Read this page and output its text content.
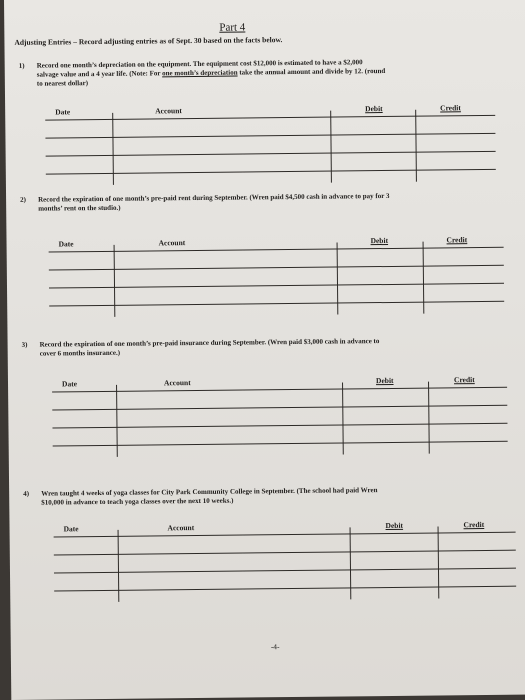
Part 4
Adjusting Entries – Record adjusting entries as of Sept. 30 based on the facts below.
1) Record one month’s depreciation on the equipment. The equipment cοst $12,000 is estimated to have a $2,000
salvage value and a 4 year life. (Note: For one month’s depreciation take the annual amount and divide by 12. (round
to nearest dollar)
Date	Account	Debit	Credit
2) Record the expiration of one month’s pre-paid rent during September. (Wren paid $4,500 cash in advance to pay for 3
months’ rent on the studio.)
Date	Account	Debit	Credit
3) Record the expiration of one month’s pre-paid insurance during September. (Wren paid $3,000 cash in advance to
cover 6 months insurance.)
Date	Account	Debit	Credit
4) Wren taught 4 weeks of yoga classes for City Park Community College in September. (The school had paid Wren
$10,000 in advance to teach yoga classes over the next 10 weeks.)
Date	Account	Debit	Credit
-4-
